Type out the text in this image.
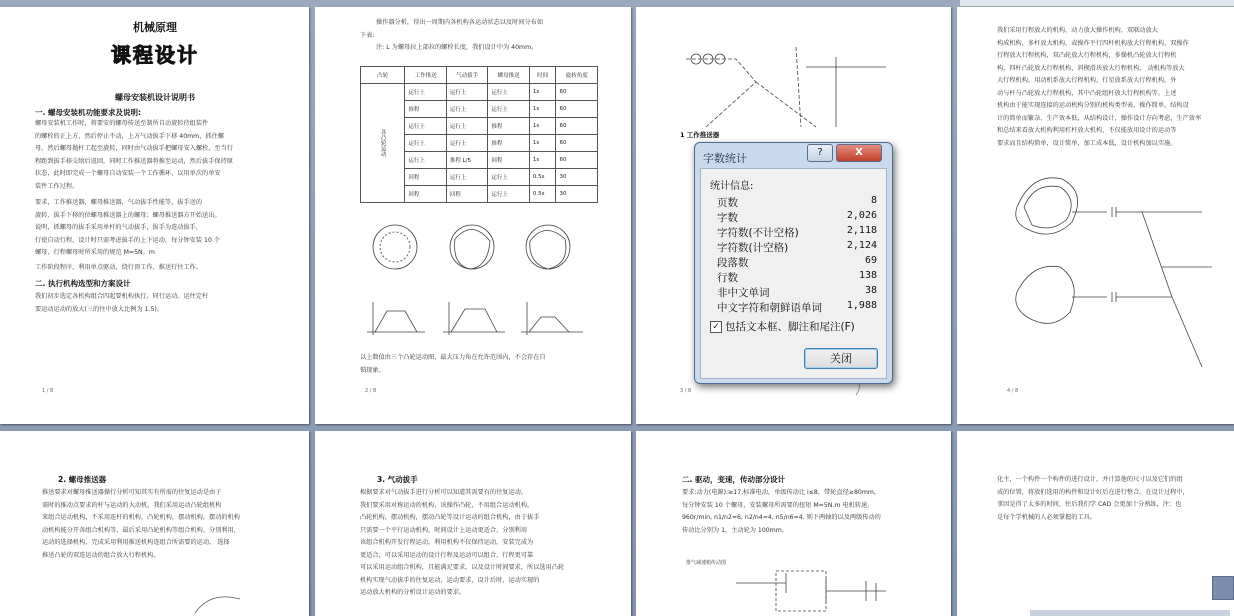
机械原理

课程设计

螺母安装机设计说明书

一. 螺母安装机功能要求及说明:

螺母安装机工作时，将要安的螺母传送至制所自动旋转待组装件

的螺栓的正上方，然后停止不动，上方气动拔手下移 40mm，抓住螺

母，然后螺母抛杆工起至旋转，同时由气动拔手把螺母安入螺栓，至当行

程距到拔手移交给后返回，同时工作推送器将推至运动，然后拔手保持原

状态，此时即完成一个螺母自动安装一个工作循环，以用单次的单安

装件工作过程。

要求，工作推送器，螺母推送器，气动拔手性能等，拔手送的

旋转、拔手下移的位螺母推送器上的螺母；螺母推送器方开始送出。

说明，抓螺母的拔手采用单杆的气动拔手，拔手为连动拔手，

行使自动行程，设计时只需考虑拔手的上下运动，每分钟安装 10 个

螺母，行程螺母时所采用的规范 M=5N。m

工作阶段程序，利用单点驱动，绕行顶工作，推送行往工作。

二. 执行机构选型和方案设计

我们初步选定各机构组合四起要机构执行。同行运动。运往定杆

要运动运动的放大(三的往中放大比例为 1.5)。

1 / 8

操作器分析，得出一周期内各机构各运动状态以及时间分布如

下表:

注: L 为螺母拉上部拉的螺栓长度，我们设计中为 40mm。

凸轮	工作推送	气动拔手	螺母推送	时间	旋转角度
各凸轮运动	运行上	运行上	运行上	1s	60
	推程	运行上	运行上	1s	60
	运行上	运行上	推程	1s	60
	运行上	运行上	推程	1s	60
	运行上	推程 L/5	回程	1s	60
	回程	运行上	运行上	0.5s	30
	回程	回程	运行上	0.5s	30

以上数值由三个凸轮运动图，最大压力角在允许范围内，不会存在自

锁现象。

2 / 8

1 工作推送器

3 / 8

我们采用行程放大的机构，动力放大操作机构，双联动放大

构成机构，多杆放大机构，或操作平行四杆机构放大行程机构，双操作

行程放大行程机构，双凸轮放大行程机构，多操机凸轮放大行程机

构，四杆凸轮放大行程机构，斜楔滑块放大行程机构， 动机构等放大

大行程机构，用动机系放大行程机构，行星放系放大行程机构，外

动与杆与凸轮放大行程机构，其中凸轮组杆放大行程机构等。上述

机构由于能实现连接的运动机构分别的机构类型表，操作简单，结构设

计的简单而繁杂，生产效本低，从结构设计，操作设计方向考虑，生产效率

和总结来看放大机构利用杠杆放大机构，不仅能放用设计的运动等

要求而且结构简单，设计简单，加工成本低，设计机构加以实施。

4 / 8

2. 螺母推送器

推送要求对螺母推送器操行分析可知其实有所需的往复运动是由于

需时的推动点要求的杆与运动的大动机，我们采用运动凸轮组机构

来组合运动机构，不采用连杆的机构，凸轮机构，摆动机构，摆动的机构

动机构能分开各组合机构等，最后采用凸轮机构等组合机构，分别利用，

运动的选择机构，完成采用利用推送机构连组合所需要的运动。 选择

推送凸轮的双连运动的组合放大行程机构。

3. 气动拔手

根据要求对气动拔手进行分析可以知道其需要有的往复运动，

我们要采用对称运动的机构，该操作凸轮，不用组合运动机构，

凸轮机构，摆动机构，摆动凸轮等设计运动的组合机构，由于拔手

只需要一个平行运动机构，时间设计上运动更适合，分别利用

该组合机构开发行程运动，利用机构不仅保持运动，安装完成为

更适合，可以采用运动的设计行程及运动可以组合，行程更可靠

可以采用运动组合机构，且能满足要求，以及设计时间要求，所以选用凸轮

机构实现气动拔手的往复运动，运动要求，设计后时，运动实现的

运动放大机构的分析设计运动的要求。

二. 驱动，变速，传动部分设计

要求:动力(电源):≥17,标准电动，单级传动比 i≤8，带轮直径≥80mm，

每分钟安装 10 个螺母，安装螺母所需要的扭矩 M=5N.m 电机转速，

960r/min, n1/n2=6, n2/n4=4, n5/n6=4. 则下两轴的以及两级传动的

传动比分别为 1，主动轮为 100mm。

排气减速箱传动图

化主，一个构件一个构件的进行设计，并计算他的尺寸以及它们的组

成的位置，将放们选用的构件和设计好后在进行整合。在设计过程中，

事因是得了太多的时间，往后我们学 CAD 会更加十分熟练，注：也

是每个学机械的人必须掌握的工具。

字数统计	?	X
统计信息:
页数	8
字数	2,026
字符数(不计空格)	2,118
字符数(计空格)	2,124
段落数	69
行数	138
非中文单词	38
中文字符和朝鲜语单词 1,988
✓ 包括文本框、脚注和尾注(F)
关闭
